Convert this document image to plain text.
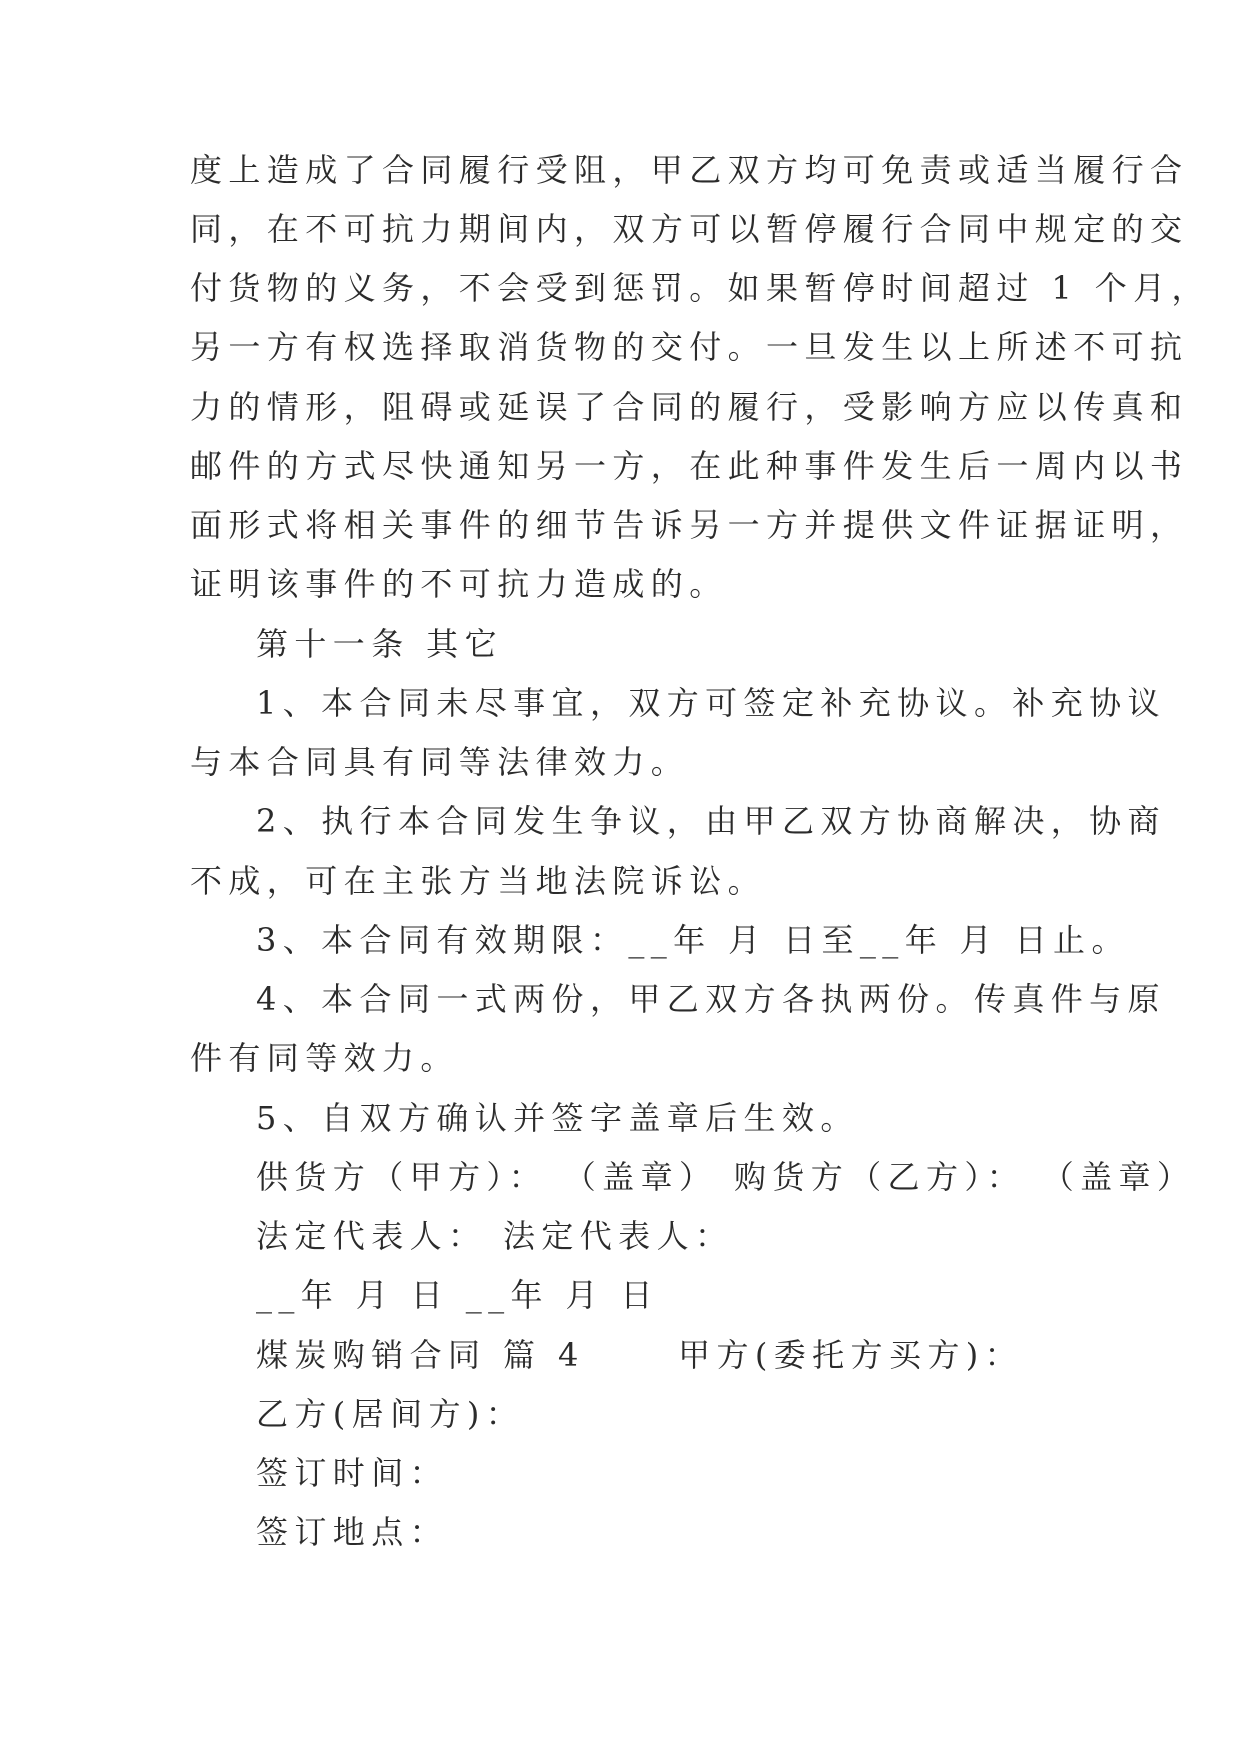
度上造成了合同履行受阻，甲乙双方均可免责或适当履行合

同，在不可抗力期间内，双方可以暂停履行合同中规定的交

付货物的义务，不会受到惩罚。如果暂停时间超过 1 个月，

另一方有权选择取消货物的交付。一旦发生以上所述不可抗

力的情形，阻碍或延误了合同的履行，受影响方应以传真和

邮件的方式尽快通知另一方，在此种事件发生后一周内以书

面形式将相关事件的细节告诉另一方并提供文件证据证明，

证明该事件的不可抗力造成的。

第十一条 其它

1、本合同未尽事宜，双方可签定补充协议。补充协议

与本合同具有同等法律效力。

2、执行本合同发生争议，由甲乙双方协商解决，协商

不成，可在主张方当地法院诉讼。

3、本合同有效期限：__年 月 日至__年 月 日止。

4、本合同一式两份，甲乙双方各执两份。传真件与原

件有同等效力。

5、自双方确认并签字盖章后生效。

供货方（甲方）： （盖章） 购货方（乙方）： （盖章）

法定代表人： 法定代表人：

__年 月 日 __年 月 日

煤炭购销合同 篇 4 　　甲方(委托方买方)：

乙方(居间方)：

签订时间：

签订地点：
